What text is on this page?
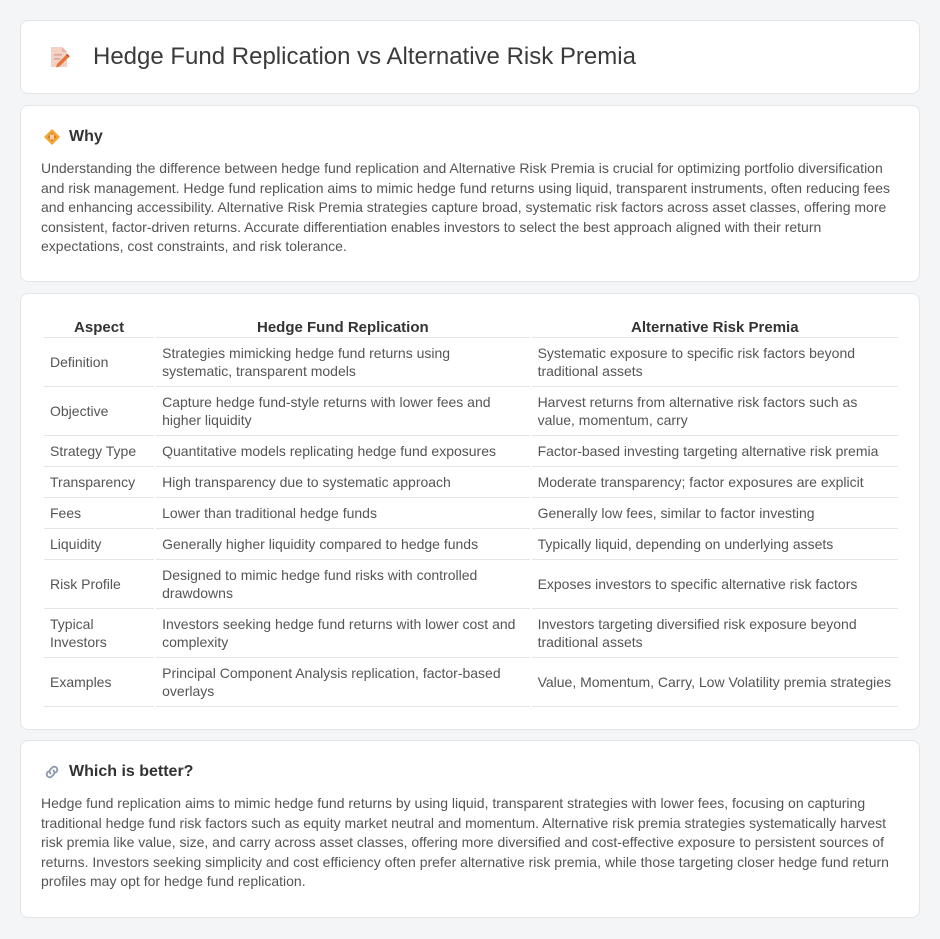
Hedge Fund Replication vs Alternative Risk Premia
Why

Understanding the difference between hedge fund replication and Alternative Risk Premia is crucial for optimizing portfolio diversification and risk management. Hedge fund replication aims to mimic hedge fund returns using liquid, transparent instruments, often reducing fees and enhancing accessibility. Alternative Risk Premia strategies capture broad, systematic risk factors across asset classes, offering more consistent, factor-driven returns. Accurate differentiation enables investors to select the best approach aligned with their return expectations, cost constraints, and risk tolerance.

Aspect	Hedge Fund Replication	Alternative Risk Premia
Definition	Strategies mimicking hedge fund returns using systematic, transparent models	Systematic exposure to specific risk factors beyond traditional assets
Objective	Capture hedge fund-style returns with lower fees and higher liquidity	Harvest returns from alternative risk factors such as value, momentum, carry
Strategy Type	Quantitative models replicating hedge fund exposures	Factor-based investing targeting alternative risk premia
Transparency	High transparency due to systematic approach	Moderate transparency; factor exposures are explicit
Fees	Lower than traditional hedge funds	Generally low fees, similar to factor investing
Liquidity	Generally higher liquidity compared to hedge funds	Typically liquid, depending on underlying assets
Risk Profile	Designed to mimic hedge fund risks with controlled drawdowns	Exposes investors to specific alternative risk factors
Typical Investors	Investors seeking hedge fund returns with lower cost and complexity	Investors targeting diversified risk exposure beyond traditional assets
Examples	Principal Component Analysis replication, factor-based overlays	Value, Momentum, Carry, Low Volatility premia strategies
Which is better?

Hedge fund replication aims to mimic hedge fund returns by using liquid, transparent strategies with lower fees, focusing on capturing traditional hedge fund risk factors such as equity market neutral and momentum. Alternative risk premia strategies systematically harvest risk premia like value, size, and carry across asset classes, offering more diversified and cost-effective exposure to persistent sources of returns. Investors seeking simplicity and cost efficiency often prefer alternative risk premia, while those targeting closer hedge fund return profiles may opt for hedge fund replication.
